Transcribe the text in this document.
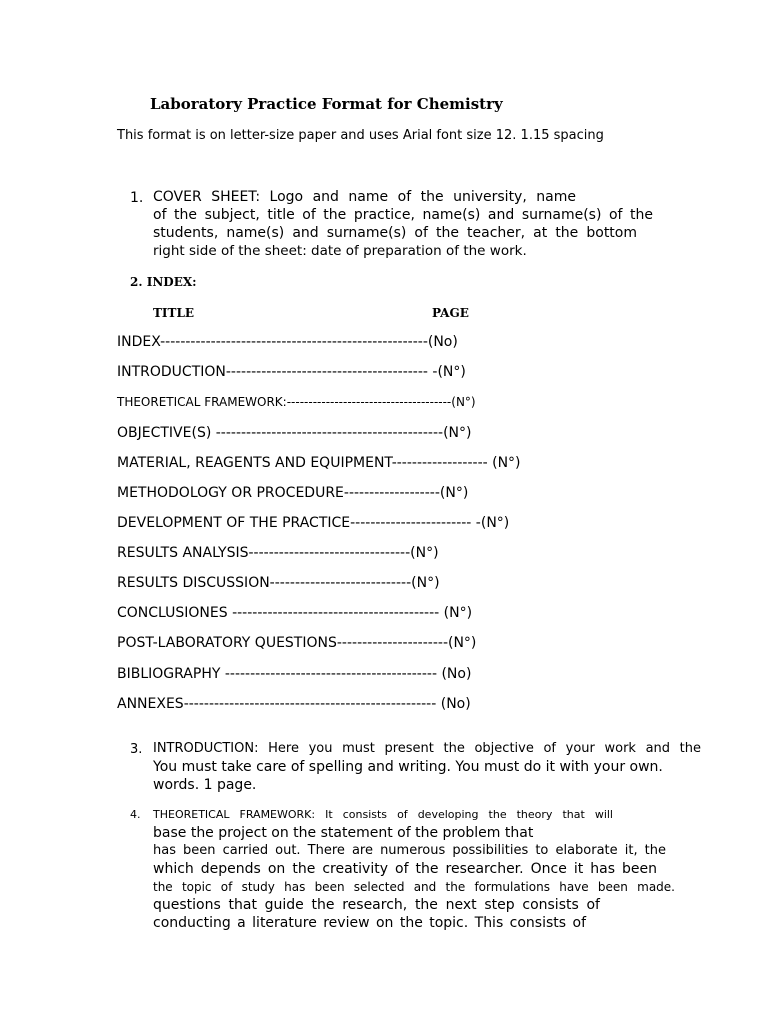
Laboratory Practice Format for Chemistry
This format is on letter-size paper and uses Arial font size 12. 1.15 spacing
1. COVER SHEET: Logo and name of the university, name
of the subject, title of the practice, name(s) and surname(s) of the
students, name(s) and surname(s) of the teacher, at the bottom
right side of the sheet: date of preparation of the work.
2. INDEX:
TITLE	PAGE
INDEX-----------------------------------------------------(No)
INTRODUCTION---------------------------------------- -(N°)
THEORETICAL FRAMEWORK:--------------------------------------(N°)
OBJECTIVE(S) ---------------------------------------------(N°)
MATERIAL, REAGENTS AND EQUIPMENT------------------- (N°)
METHODOLOGY OR PROCEDURE-------------------(N°)
DEVELOPMENT OF THE PRACTICE------------------------ -(N°)
RESULTS ANALYSIS--------------------------------(N°)
RESULTS DISCUSSION----------------------------(N°)
CONCLUSIONES ----------------------------------------- (N°)
POST-LABORATORY QUESTIONS----------------------(N°)
BIBLIOGRAPHY ------------------------------------------ (No)
ANNEXES-------------------------------------------------- (No)
3. INTRODUCTION: Here you must present the objective of your work and the
You must take care of spelling and writing. You must do it with your own.
words. 1 page.
4. THEORETICAL FRAMEWORK: It consists of developing the theory that will
base the project on the statement of the problem that
has been carried out. There are numerous possibilities to elaborate it, the
which depends on the creativity of the researcher. Once it has been
the topic of study has been selected and the formulations have been made.
questions that guide the research, the next step consists of
conducting a literature review on the topic. This consists of
